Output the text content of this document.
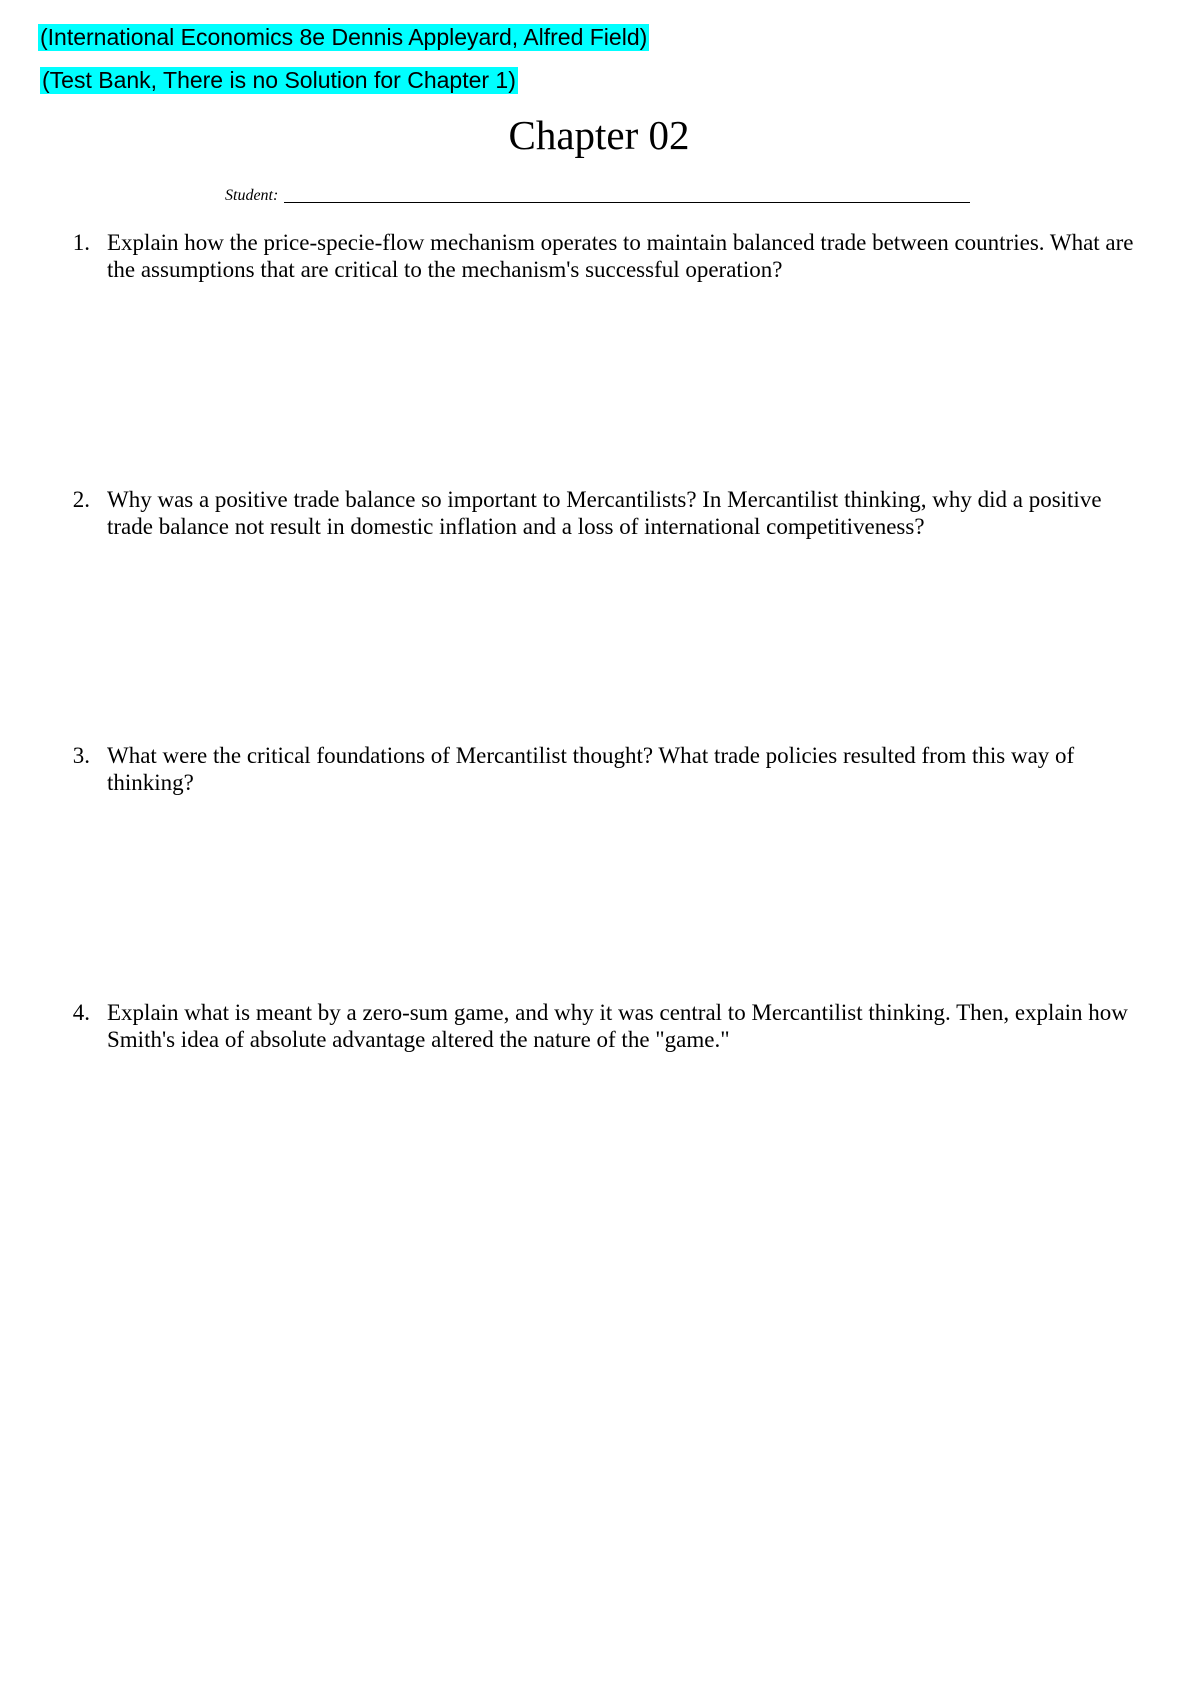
(International Economics 8e Dennis Appleyard, Alfred Field)
(Test Bank, There is no Solution for Chapter 1)
Chapter 02
Student:
1. Explain how the price-specie-flow mechanism operates to maintain balanced trade between countries. What are the assumptions that are critical to the mechanism's successful operation?
2. Why was a positive trade balance so important to Mercantilists? In Mercantilist thinking, why did a positive trade balance not result in domestic inflation and a loss of international competitiveness?
3. What were the critical foundations of Mercantilist thought? What trade policies resulted from this way of thinking?
4. Explain what is meant by a zero-sum game, and why it was central to Mercantilist thinking. Then, explain how Smith's idea of absolute advantage altered the nature of the "game."
